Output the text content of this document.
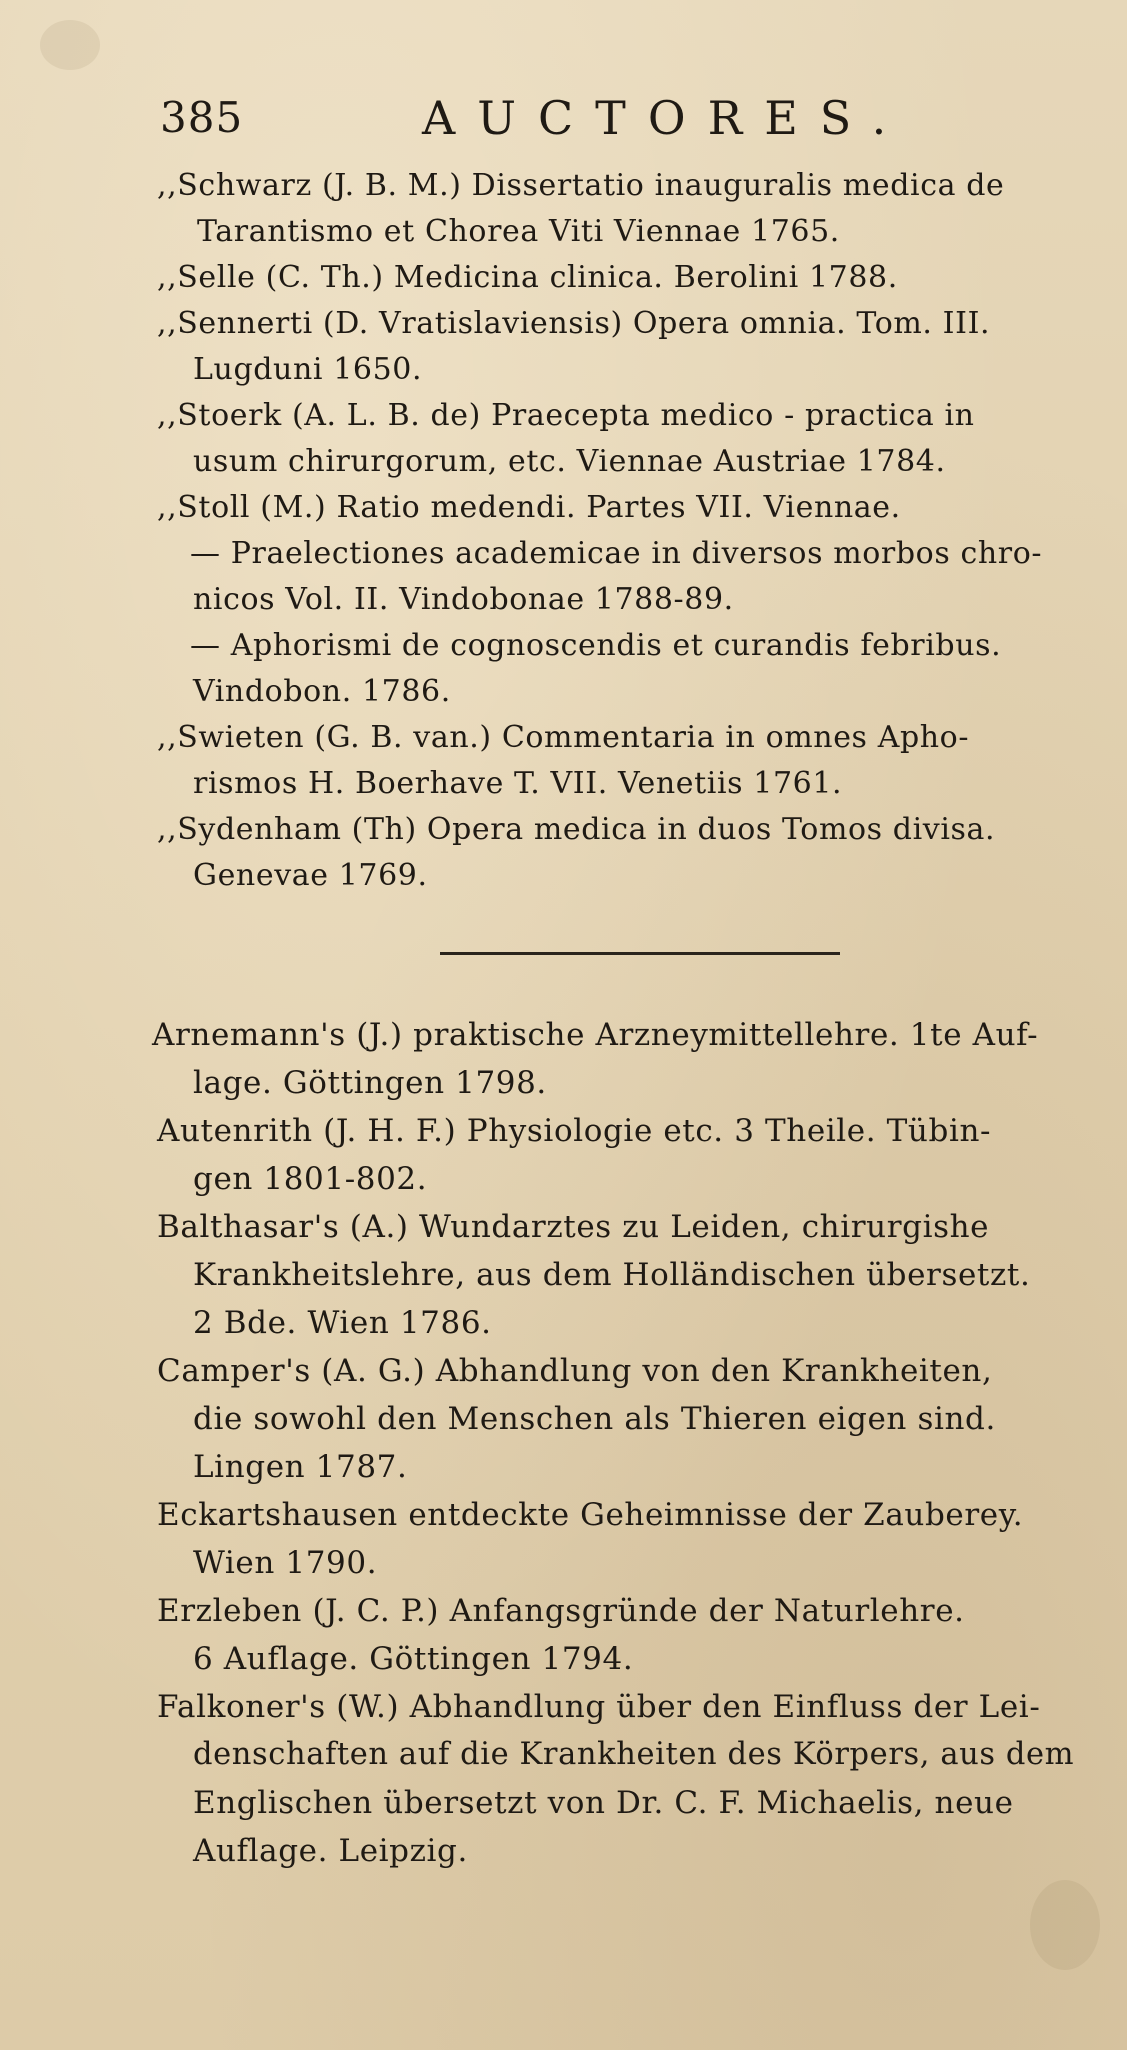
385	AUCTORES.
,,Schwarz (J. B. M.) Dissertatio inauguralis medica de
Tarantismo et Chorea Viti Viennae 1765.
,,Selle (C. Th.) Medicina clinica. Berolini 1788.
,,Sennerti (D. Vratislaviensis) Opera omnia. Tom. III.
Lugduni 1650.
,,Stoerk (A. L. B. de) Praecepta medico - practica in
usum chirurgorum, etc. Viennae Austriae 1784.
,,Stoll (M.) Ratio medendi. Partes VII. Viennae.
— Praelectiones academicae in diversos morbos chro-
nicos Vol. II. Vindobonae 1788-89.
— Aphorismi de cognoscendis et curandis febribus.
Vindobon. 1786.
,,Swieten (G. B. van.) Commentaria in omnes Apho-
rismos H. Boerhave T. VII. Venetiis 1761.
,,Sydenham (Th) Opera medica in duos Tomos divisa.
Genevae 1769.
Arnemann's (J.) praktische Arzneymittellehre. 1te Auf-
lage. Göttingen 1798.
Autenrith (J. H. F.) Physiologie etc. 3 Theile. Tübin-
gen 1801-802.
Balthasar's (A.) Wundarztes zu Leiden, chirurgishe
Krankheitslehre, aus dem Holländischen übersetzt.
2 Bde. Wien 1786.
Camper's (A. G.) Abhandlung von den Krankheiten,
die sowohl den Menschen als Thieren eigen sind.
Lingen 1787.
Eckartshausen entdeckte Geheimnisse der Zauberey.
Wien 1790.
Erzleben (J. C. P.) Anfangsgründe der Naturlehre.
6 Auflage. Göttingen 1794.
Falkoner's (W.) Abhandlung über den Einfluss der Lei-
denschaften auf die Krankheiten des Körpers, aus dem
Englischen übersetzt von Dr. C. F. Michaelis, neue
Auflage. Leipzig.
